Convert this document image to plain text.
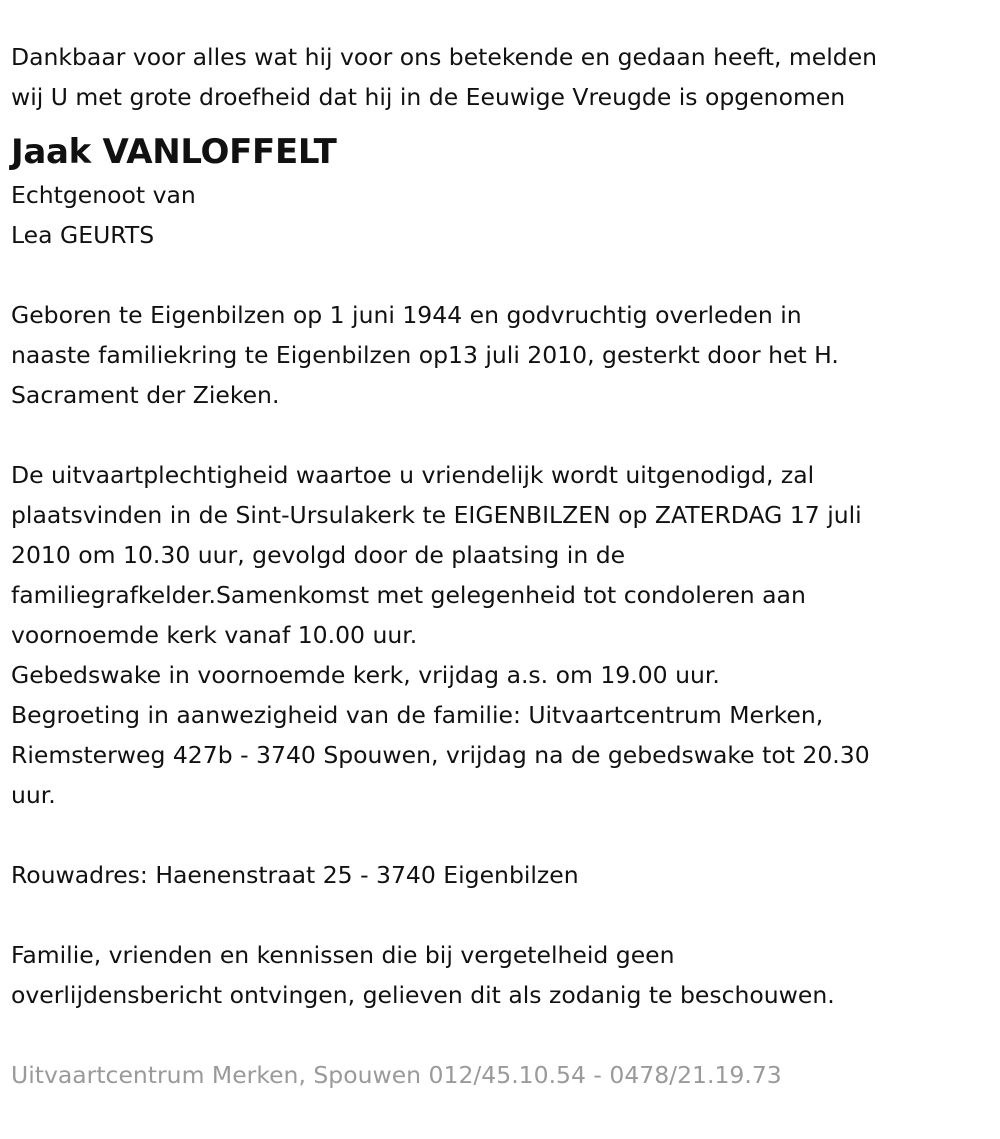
Dankbaar voor alles wat hij voor ons betekende en gedaan heeft, melden
wij U met grote droefheid dat hij in de Eeuwige Vreugde is opgenomen
Jaak VANLOFFELT
Echtgenoot van
Lea GEURTS
Geboren te Eigenbilzen op 1 juni 1944 en godvruchtig overleden in
naaste familiekring te Eigenbilzen op13 juli 2010, gesterkt door het H.
Sacrament der Zieken.
De uitvaartplechtigheid waartoe u vriendelijk wordt uitgenodigd, zal
plaatsvinden in de Sint-Ursulakerk te EIGENBILZEN op ZATERDAG 17 juli
2010 om 10.30 uur, gevolgd door de plaatsing in de
familiegrafkelder.Samenkomst met gelegenheid tot condoleren aan
voornoemde kerk vanaf 10.00 uur.
Gebedswake in voornoemde kerk, vrijdag a.s. om 19.00 uur.
Begroeting in aanwezigheid van de familie: Uitvaartcentrum Merken,
Riemsterweg 427b - 3740 Spouwen, vrijdag na de gebedswake tot 20.30
uur.
Rouwadres: Haenenstraat 25 - 3740 Eigenbilzen
Familie, vrienden en kennissen die bij vergetelheid geen
overlijdensbericht ontvingen, gelieven dit als zodanig te beschouwen.
Uitvaartcentrum Merken, Spouwen 012/45.10.54 - 0478/21.19.73
